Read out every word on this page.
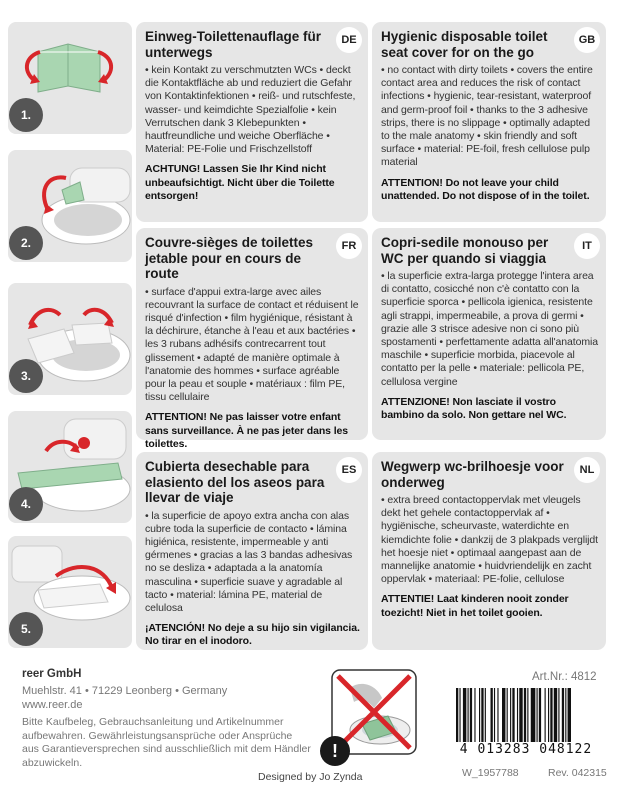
1.
2.
3.
4.
5.
DE

Einweg-Toilettenauflage für unterwegs

• kein Kontakt zu verschmutzten WCs • deckt die Kontaktfläche ab und reduziert die Gefahr von Kontaktinfektionen • reiß- und rutschfeste, wasser- und keimdichte Spezialfolie • kein Verrutschen dank 3 Klebepunkten • hautfreundliche und weiche Oberfläche • Material: PE-Folie und Frischzellstoff

ACHTUNG! Lassen Sie Ihr Kind nicht unbeaufsichtigt. Nicht über die Toilette entsorgen!

GB

Hygienic disposable toilet seat cover for on the go

• no contact with dirty toilets • covers the entire contact area and reduces the risk of contact infections • hygienic, tear-resistant, waterproof and germ-proof foil • thanks to the 3 adhesive strips, there is no slippage • optimally adapted to the male anatomy • skin friendly and soft surface • material: PE-foil, fresh cellulose pulp material

ATTENTION! Do not leave your child unattended. Do not dispose of in the toilet.

FR

Couvre-sièges de toilettes jetable pour en cours de route

• surface d'appui extra-large avec ailes recouvrant la surface de contact et réduisent le risqué d'infection • film hygiénique, résistant à la déchirure, étanche à l'eau et aux bactéries • les 3 rubans adhésifs contrecarrent tout glissement • adapté de manière optimale à l'anatomie des hommes • surface agréable pour la peau et souple • matériaux : film PE, tissu cellulaire

ATTENTION! Ne pas laisser votre enfant sans surveillance. À ne pas jeter dans les toilettes.

IT

Copri-sedile monouso per WC per quando si viaggia

• la superficie extra-larga protegge l'intera area di contatto, cosicché non c'è contatto con la superficie sporca • pellicola igienica, resistente agli strappi, impermeabile, a prova di germi • grazie alle 3 strisce adesive non ci sono più spostamenti • perfettamente adatta all'anatomia maschile • superficie morbida, piacevole al contatto per la pelle • materiale: pellicola PE, cellulosa vergine

ATTENZIONE! Non lasciate il vostro bambino da solo. Non gettare nel WC.

ES

Cubierta desechable para elasiento del los aseos para llevar de viaje

• la superficie de apoyo extra ancha con alas cubre toda la superficie de contacto • lámina higiénica, resistente, impermeable y anti gérmenes • gracias a las 3 bandas adhesivas no se desliza • adaptada a la anatomía masculina • superficie suave y agradable al tacto • material: lámina PE, material de celulosa

¡ATENCIÓN! No deje a su hijo sin vigilancia. No tirar en el inodoro.

NL

Wegwerp wc-brilhoesje voor onderweg

• extra breed contactoppervlak met vleugels dekt het gehele contactoppervlak af • hygiënische, scheurvaste, waterdichte en kiemdichte folie • dankzij de 3 plakpads verglijdt het hoesje niet • optimaal aangepast aan de mannelijke anatomie • huidvriendelijk en zacht oppervlak • materiaal: PE-folie, cellulose

ATTENTIE! Laat kinderen nooit zonder toezicht! Niet in het toilet gooien.

reer GmbH
Muehlstr. 41 • 71229 Leonberg • Germany
www.reer.de
Bitte Kaufbeleg, Gebrauchsanleitung und Artikelnummer aufbewahren. Gewährleistungsansprüche oder Ansprüche aus Garantieversprechen sind ausschließlich mit dem Händler abzuwickeln.
Designed by Jo Zynda
!
Art.Nr.: 4812
4 013283 048122
W_1957788	Rev. 042315
